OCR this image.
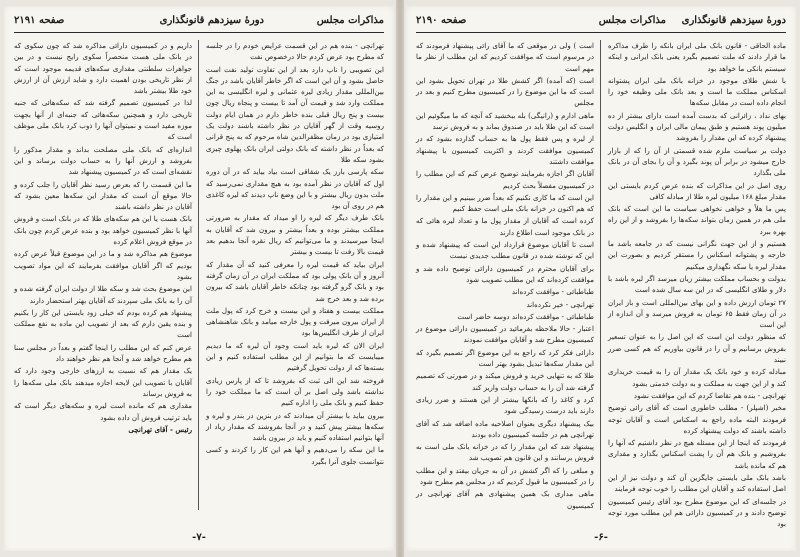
مذاکرات مجلس
دورهٔ سیزدهم قانونگذاری
صفحه ۲۱۹۱

تهرانچی - بنده هم در این قسمت عرایض خودم را در جلسه که مطرح بود عرض کردم حالا درخصوص نفت

این تصویبی را ناپ دارد بعد از این تفاوت تولید نفت است حاصل بشود و آن این است که اگر خاطر آقایان باشد در جنگ بین‌المللی مقدار زیادی لیره عثمانی و لیره انگلیسی به این مملکت وارد شد و قیمت آن آمد تا بیست و پنجاه ریال چون بیست و پنج ریال قبلی بنده خاطر دارم در همان ایام دولت روسیه وقت از گهر آقایان در نظر داشته باشند دولت یک امتیازی بود در زمان مظفرالدین شاه مرحوم که به پنج قرانی که بعداً در نظر داشته که بانک دولتی ایران بانک پهلوی چیزی بشود سکه طلا

سکه پارسی بارز یک شقاقی است بیاد بیاید که در آن دوره اول که آقایان در نظر آمده بود به هیچ مقداری نمی‌رسید که ملت بدون ریال بیشتر و با این وضع ناپ دیدند که لیره کاغذی هم در روی آن بود

بانک طرف دیگر که لیره را او میداد که مقدار به ضرورتی مملکت بیشتر بوده و بعداً بیشتر و بیرون شد که آقایان به اینجا میرسیدند و ما می‌توانیم که ریال نقره آنجا بدهیم بعد قیمت بالا رفت تا بیست و بیشتر

ایران بیاید که قیمت لیره را معرفی کنید که آن مقدار که آنروز و آن بانک پولی بود که مملکت ایران در آن زمان گرفته بود و بانک گرو گرفته بود چنانکه خاطر آقایان باشد که بیرون برده شد و بعد خرج شد

مملکت بیست و هفتاد و این بیست و خرج کرد که پول ملت از ایران بیرون میرفت و پول خارجه میامد و بانک شاهنشاهی ایران از طرف انگلیس‌ها بود

ایران الان که لیره باید است وجود آن لیره که ما دیدیم میبایست که ما بتوانیم از این مطلب استفاده کنیم و این بسته‌ها که از دولت تحویل گرفتیم

فروخته شد این الی ثبت که بفروشد تا که از پارس زیادی نداشته باشد ولی اصل بر آن است که ما مملکت خود را حفظ کنیم و بانک ملی را اداره کنیم

بیرون بیاید با بیشتر آن میدادند که در بنزین در بندر و لیره و سکه‌ها بیشتر پیش کنید و در آنجا بفروشند که مقدار زیاد از آنها بتوانیم استفاده کنیم و باید در بیرون باشد

ما این سکه را می‌دهیم و آنها هم این کار را کردند و کسی نتوانست جلوی آنرا بگیرد

داریم و در کمیسیون دارائی مذاکره شد که چون سکوی که در بانک ملی هست منحصراً سکوی رایج نیست و در بین جواهرات سلطنتی مقداری سکه‌های قدیمه موجود است که از نظر تاریخی بودن اهمیت دارد و شاید ارزش آن از ارزش خود طلا بیشتر باشد

لذا در کمیسیون تصمیم گرفته شد که سکه‌هائی که جنبه تاریخی دارد و همچنین سکه‌هائی که جنبه‌ای از آنها بجهت موزه مفید است و نمیتوان آنها را ذوب کرد بانک ملی موظف است که

اندازه‌ای که بانک ملی مصلحت بداند و مقدار مذکور را بفروشد و ارزش آنها را به حساب دولت برساند و این نقشه‌ای است که در کمیسیون پیشنهاد شد

ما این قسمت را که بعرض رسید نظر آقایان را جلب کرده و حالا موقع آن است که مقدار این سکه‌ها معین بشود که آقایان در نظر داشته باشند

بانک هست یا این هم سکه‌های طلا که در بانک است و فروش آنها با نظر کمیسیون خواهد بود و بنده عرض کردم چون بانک در موقع فروش اعلام کرده

موضوع هم مذاکره شد و ما در این موضوع قبلاً عرض کرده بودیم که اگر آقایان موافقت بفرمایند که این مواد تصویب بشود

این موضوع بحث شد و سکه طلا از دولت ایران گرفته شده و آن را به بانک ملی سپردند که آقایان بهتر استحضار دارند

پیشنهاد هم کرده بودم که خیلی زود بایستی این کار را بکنیم و بنده یقین دارم که بعد از تصویب این ماده به نفع مملکت است

عرض کنم که این مطلب را اینجا گفتم و بعداً در مجلس سنا هم مطرح خواهد شد و آنجا هم نظر خواهند داد

یک مقدار هم که نسبت به ارزهای خارجی وجود دارد که آقایان با تصویب این لایحه اجازه میدهند بانک ملی سکه‌ها را به فروش برساند

مقداری هم که مانده است لیره و سکه‌های دیگر است که باید ترتیب فروش آن داده بشود

رئیس - آقای تهرانچی

-۷-
دورهٔ سیزدهم قانونگذاری
مذاکرات مجلس
صفحه ۲۱۹۰

ماده الحاقی - قانون بانک ملی ایران بانکه را طرف مذاکره ما قرار دادند که ملت تصمیم بگیرد یعنی بانک ایرانی و اینکه سیستم بانکی ما خواهد بود

با شش طلای موجود در خزانه بانک ملی ایران پشتوانه اسکناس مملکت ما است و بعد بانک ملی وظیفه خود را انجام داده است در مقابل سکه‌ها

بهای نداد ، زائرانی که بدست آمده است دارای بیشتر از ده میلیون پوند هستیم و طبق پیمان مالی ایران و انگلیس دولت پیشنهاد کرده که این مقدار را بفروشد

دولت بر سیاست ملزم شده قسمتی از آن را که از بازار خارج میشود در برابر آن پوند بگیرد و آن را بجای آن در بانک ملی بگذارد

روی اصل در این مذاکرات که بنده عرض کردم بایستی این مقدار مبلغ ۱۶۸ میلیون لیره طلا از مبادله کافی

پس ما هلاً و خواهی نخواهی سیاست ما این است که بانک ملی هم در همین زمان بتواند سکه‌ها را بفروشد و از این راه بهره ببرد

هستیم و از این جهت نگرانی نیست که در جامعه باشد ما خارجه و پشتوانه اسکناس را مستقر کردیم و بصورت این مقدار لیره یا سکه نگهداری میکنیم

بدولت و بحساب مملکت بیشتر زیان میرسد اگر لیره باشد با دلار و طلای انگلیسی که در این سه سال شده است

۲۷ تومان ارزش داده و این بهای بین‌المللی است و باز ایران در آن زمان فقط ۶۵ تومان به فروش میرسد و آن اندازه از این است

که منظور دولت این است که این اصل را به عنوان تسعیر بفروش برسانیم و آن را در قانون بیاوریم که هم کسی ضرر نبیند

مبادله کرده و خود بانک یک مقدار آن را به قیمت خریداری کند و از این جهت به مملکت و به دولت خدمتی بشود

تهرانچی - بنده هم تقاضا کردم که این موافقت نشود

مخبر (اشپلر) - مطلب خاطوری است که آقای رائی توضیح فرمودند البته ماده راجع به اسکناس است و آقایان توجه داشته باشند که دولت پیشنهاد کرده

فرمودند که اینجا از این مسئله هیچ در نظر داشتیم که آنها را بفروشیم و بانک هم آن را پشت اسکناس بگذارد و مقداری هم که مانده باشد

باشد بانک ملی بایستی جایگزین آن کند و دولت نیز از این اصل استفاده کند و آقایان این مطلب را خوب توجه فرمایند

در جلسه‌ای که این موضوع مطرح بود آقای رئیس کمیسیون توضیح دادند و در کمیسیون دارائی هم این مطلب مورد توجه بود

است ) ولی در موقعی که ما آقای رائی پیشنهاد فرمودند که در مرسوم است که موافقت کردیم که این مطلب از نظر ما مهم است

است (که آمده) اگر کشش طلا در تهران تحویل بشود این است که ما این موضوع را در کمیسیون مطرح کنیم و بعد در مجلس

ماهی ادارم و (رانیگی) بله ببخشید که آنچه که ما میگوئیم این است که این طلا باید در صندوق بماند و به فروش نرسد

از لیره و پس فقط پول ها به حساب گذارده بشود که در کمیسیون موافقت کردند و اکثریت کمیسیون با پیشنهاد موافقت داشتند

آقایان اگر اجازه بفرمایند توضیح عرض کنم که این مطلب را در کمیسیون مفصلاً بحث کردیم

این است که ما کاری نکنیم که بعداً ضرر ببینیم و این مقدار را که هم اکنون در خزانه بانک ملی است حفظ کنیم

کرده است که آقایان از مقدار پول ما و تعداد لیره هائی که در بانک موجود است اطلاع دارند

است تا آقایان موضوع قرارداد این است که پیشنهاد شده و این که نوشته شده در قانون مطلب جدیدی نیست

برای آقایان محترم در کمیسیون دارائی توضیح داده شد و موافقت کرده‌اند که این مطلب تصویب شود

طباطبائی - موافقت کرده‌اند

تهرانچی - خیر نکرده‌اند

طباطبائی - موافقت کرده‌اند دوسه حاضر است

اعتبار - حالا ملاحظه بفرمائید در کمیسیون دارائی موضوع در کمیسیون مطرح شد و آقایان موافقت نمودند

دارائی فکر کرد که راجع به این موضوع اگر تصمیم بگیرد که این مقدار سکه‌ها تبدیل بشود بهتر است

طلا که به تنهایی خرید و فروش میکند و در صورتی که تصمیم گرفته شد آن را به حساب دولت واریز کند

کرد و کاغذ را که بانکها بیشتر از این هستند و ضرر زیادی دارند باید درست رسیدگی شود

بیک پیشنهاد دیگری بعنوان اصلاحیه ماده اضافه شد که آقای تهرانچی هم در جلسه کمیسیون داده بودند

پیشنهاد شد که این مقدار را که در خزانه بانک ملی است به فروش برسانند و این قانون هم تصویب شد

و مبلغی را که اگر کشش در آن به جریان بیفتد و این مطلب را در کمیسیون ما قبول کردیم که در مجلس هم مطرح شود

ماهی مداری بک همین پیشنهادی هم آقای تهرانچی در کمیسیون

-۶-
